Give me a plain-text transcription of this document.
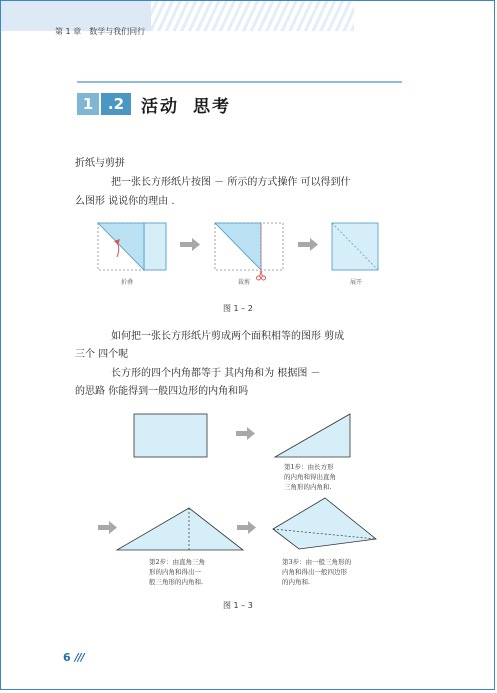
第 1 章 数学与我们同行
1 .2 活动 思考
折纸与剪拼
把一张长方形纸片按图 － 所示的方式操作 可以得到什
么图形 说说你的理由 .
折叠	裁剪	展开
图 1 – 2
如何把一张长方形纸片剪成两个面积相等的图形 剪成
三个 四个呢
长方形的四个内角都等于 其内角和为 根据图 －
的思路 你能得到一般四边形的内角和吗
第1步：由长方形
的内角和得出直角
三角形的内角和.
第2步：由直角三角
形的内角和得出一
般三角形的内角和.
第3步：由一般三角形的
内角和得出一般四边形
的内角和.
图 1 – 3
6 ///
